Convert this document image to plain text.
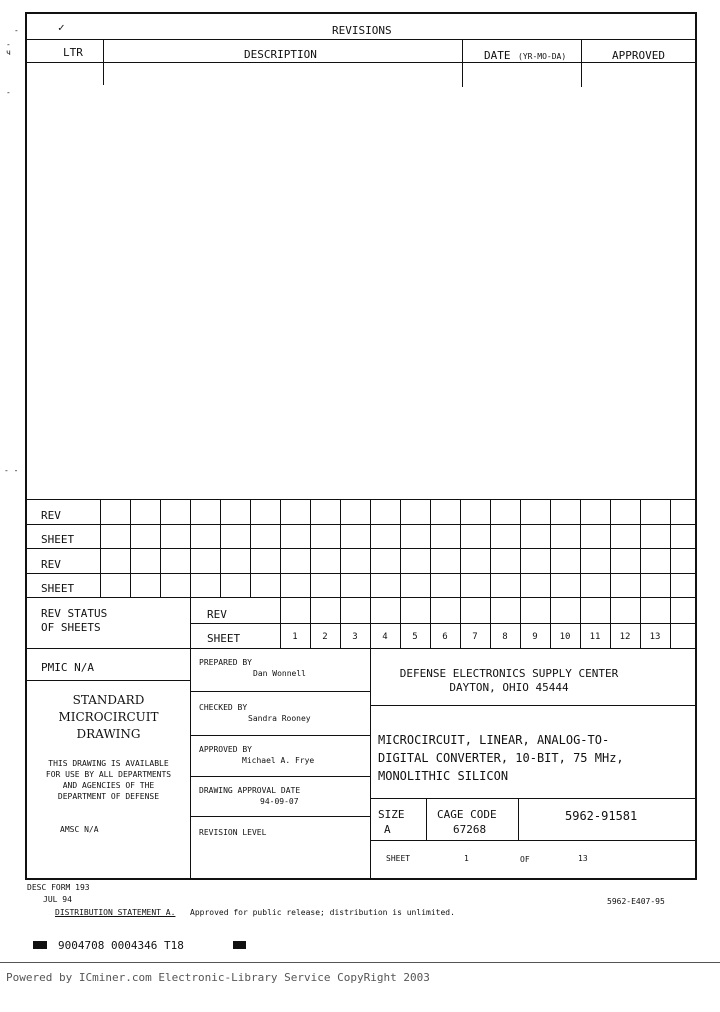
-
-
ч
-
- -
✓	REVISIONS
LTR	DESCRIPTION	DATE (YR-MO-DA)	APPROVED
REV
SHEET
REV
SHEET
REV STATUS
OF SHEETS
REV
SHEET	1	2	3	4	5	6	7	8	9	10	11	12	13
PMIC N/A
STANDARD
MICROCIRCUIT
DRAWING
THIS DRAWING IS AVAILABLE
FOR USE BY ALL DEPARTMENTS
AND AGENCIES OF THE
DEPARTMENT OF DEFENSE
AMSC N/A
PREPARED BY
Dan Wonnell
CHECKED BY
Sandra Rooney
APPROVED BY
Michael A. Frye
DRAWING APPROVAL DATE
94-09-07
REVISION LEVEL
DEFENSE ELECTRONICS SUPPLY CENTER
DAYTON, OHIO 45444
MICROCIRCUIT, LINEAR, ANALOG-TO-
DIGITAL CONVERTER, 10-BIT, 75 MHz,
MONOLITHIC SILICON
SIZE
A
CAGE CODE
67268
5962-91581
SHEET	1	OF	13
DESC FORM 193
JUL 94
DISTRIBUTION STATEMENT A. Approved for public release; distribution is unlimited.
5962-E407-95
9004708 0004346 T18
Powered by ICminer.com Electronic-Library Service CopyRight 2003
